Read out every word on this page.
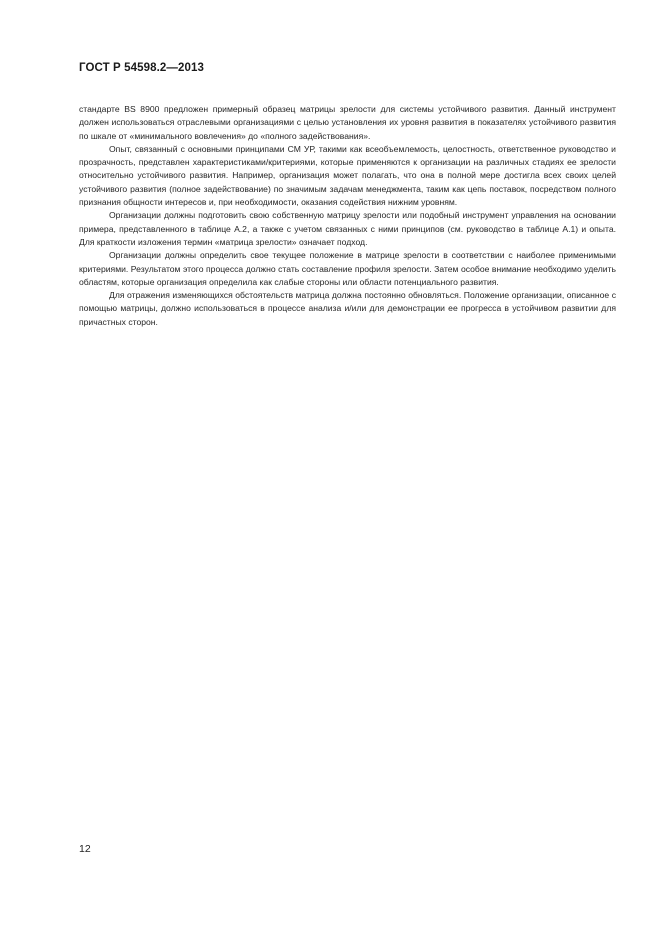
ГОСТ Р 54598.2—2013

стандарте BS 8900 предложен примерный образец матрицы зрелости для системы устойчивого развития. Данный инструмент должен использоваться отраслевыми организациями с целью установления их уровня развития в показателях устойчивого развития по шкале от «минимального вовлечения» до «полного задействования».

Опыт, связанный с основными принципами СМ УР, такими как всеобъемлемость, целостность, ответственное руководство и прозрачность, представлен характеристиками/критериями, которые применяются к организации на различных стадиях ее зрелости относительно устойчивого развития. Например, организация может полагать, что она в полной мере достигла всех своих целей устойчивого развития (полное задействование) по значимым задачам менеджмента, таким как цепь поставок, посредством полного признания общности интересов и, при необходимости, оказания содействия нижним уровням.

Организации должны подготовить свою собственную матрицу зрелости или подобный инструмент управления на основании примера, представленного в таблице А.2, а также с учетом связанных с ними принципов (см. руководство в таблице А.1) и опыта. Для краткости изложения термин «матрица зрелости» означает подход.

Организации должны определить свое текущее положение в матрице зрелости в соответствии с наиболее применимыми критериями. Результатом этого процесса должно стать составление профиля зрелости. Затем особое внимание необходимо уделить областям, которые организация определила как слабые стороны или области потенциального развития.

Для отражения изменяющихся обстоятельств матрица должна постоянно обновляться. Положение организации, описанное с помощью матрицы, должно использоваться в процессе анализа и/или для демонстрации ее прогресса в устойчивом развитии для причастных сторон.

12
